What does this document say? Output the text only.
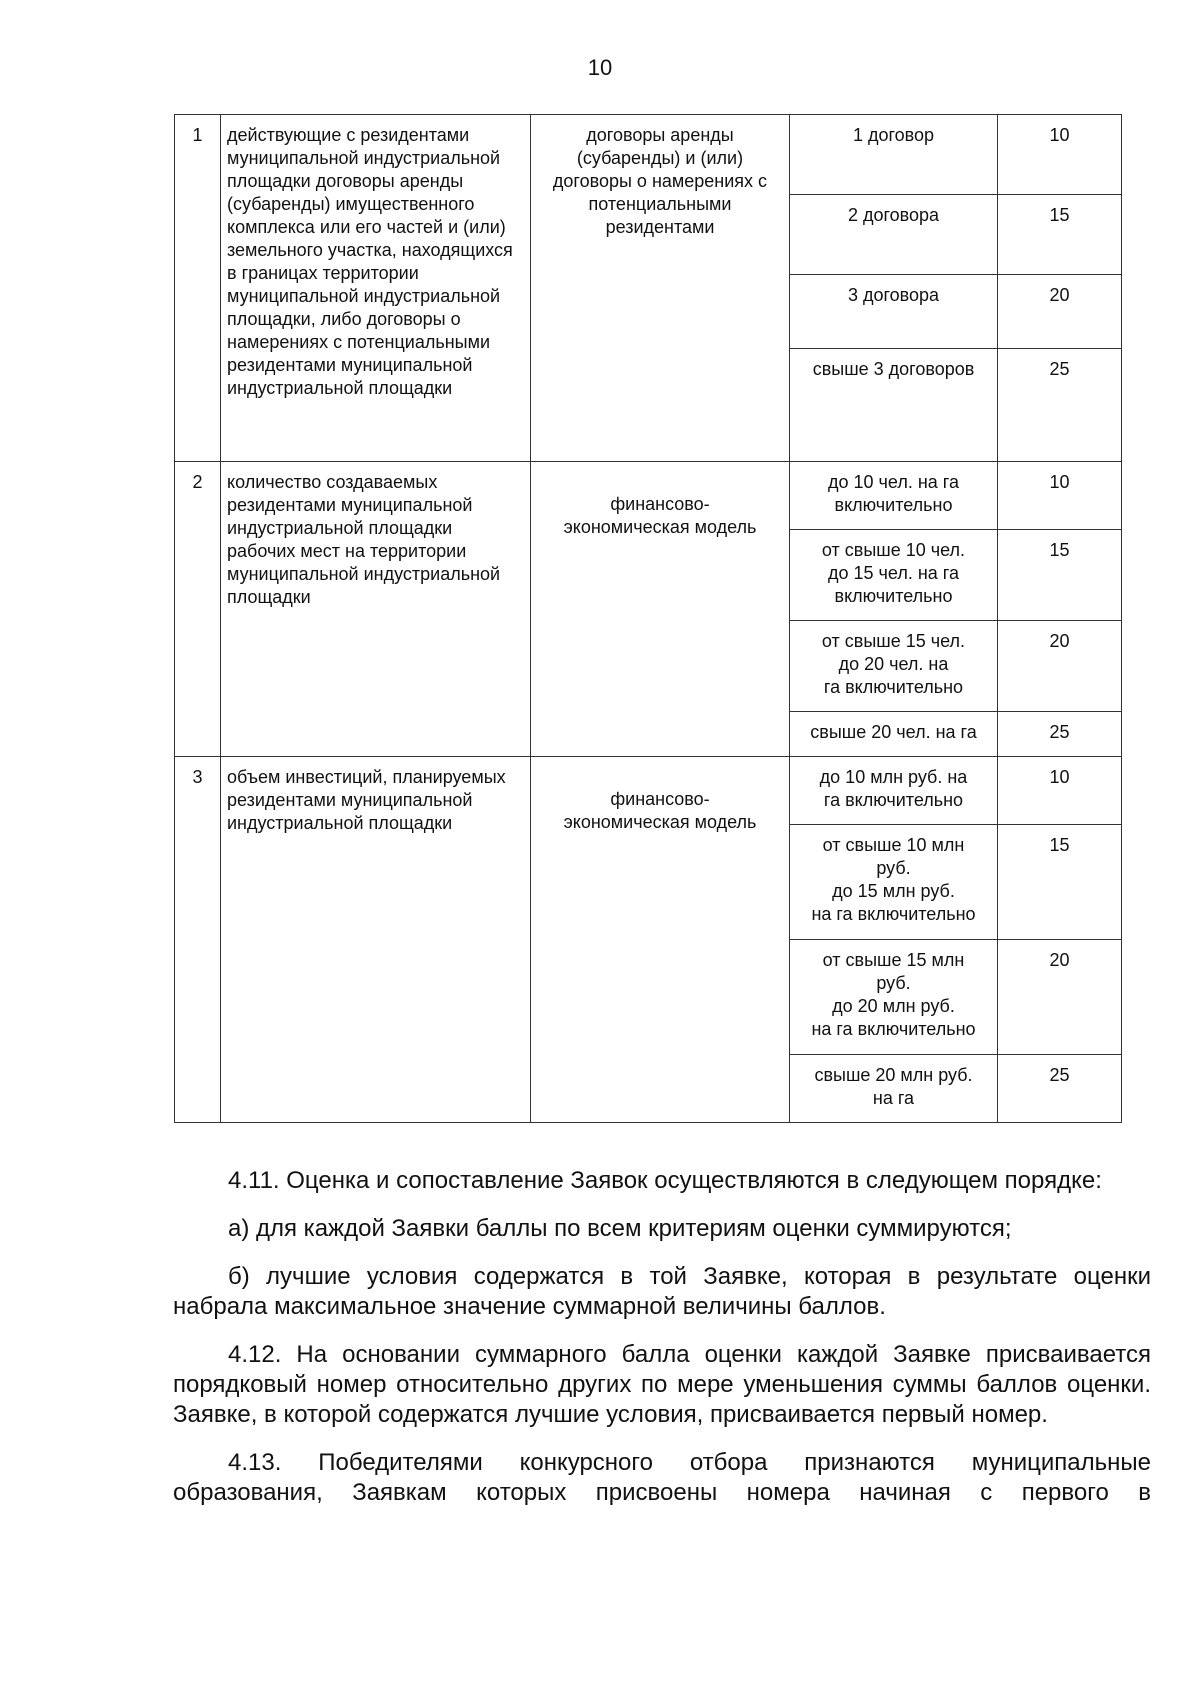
10
1	действующие с резидентами муниципальной индустриальной площадки договоры аренды (субаренды) имущественного комплекса или его частей и (или) земельного участка, находящихся в границах территории муниципальной индустриальной площадки, либо договоры о намерениях с потенциальными резидентами муниципальной индустриальной площадки	договоры аренды (субаренды) и (или) договоры о намерениях с потенциальными резидентами	1 договор	10
			2 договора	15
			3 договора	20
			свыше 3 договоров	25
2	количество создаваемых резидентами муниципальной индустриальной площадки рабочих мест на территории муниципальной индустриальной площадки	финансово-
экономическая модель	до 10 чел. на га
включительно	10
			от свыше 10 чел.
до 15 чел. на га
включительно	15
			от свыше 15 чел.
до 20 чел. на
га включительно	20
			свыше 20 чел. на га	25
3	объем инвестиций, планируемых резидентами муниципальной индустриальной площадки	финансово-
экономическая модель	до 10 млн руб. на
га включительно	10
			от свыше 10 млн
руб.
до 15 млн руб.
на га включительно	15
			от свыше 15 млн
руб.
до 20 млн руб.
на га включительно	20
			свыше 20 млн руб.
на га	25

4.11. Оценка и сопоставление Заявок осуществляются в следующем порядке:

а) для каждой Заявки баллы по всем критериям оценки суммируются;

б) лучшие условия содержатся в той Заявке, которая в результате оценки набрала максимальное значение суммарной величины баллов.

4.12. На основании суммарного балла оценки каждой Заявке присваивается порядковый номер относительно других по мере уменьшения суммы баллов оценки. Заявке, в которой содержатся лучшие условия, присваивается первый номер.

4.13. Победителями конкурсного отбора признаются муниципальные образования, Заявкам которых присвоены номера начиная с первого в
